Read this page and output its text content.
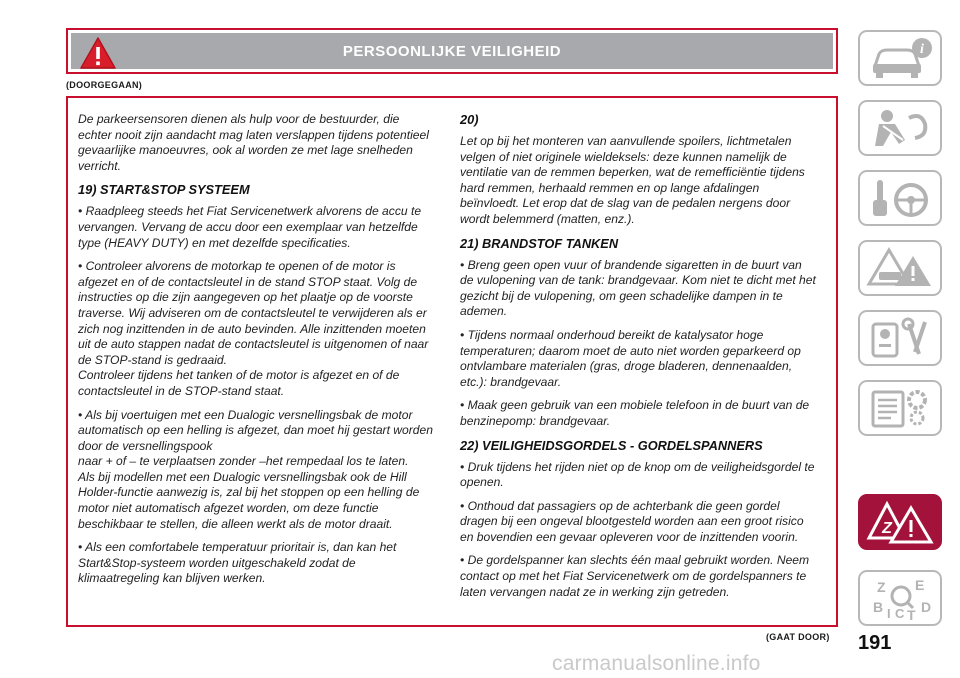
PERSOONLIJKE VEILIGHEID
(DOORGEGAAN)

De parkeersensoren dienen als hulp voor de bestuurder, die echter nooit zijn aandacht mag laten verslappen tijdens potentieel gevaarlijke manoeuvres, ook al worden ze met lage snelheden verricht.

19) START&STOP SYSTEEM

• Raadpleeg steeds het Fiat Servicenetwerk alvorens de accu te vervangen. Vervang de accu door een exemplaar van hetzelfde type (HEAVY DUTY) en met dezelfde specificaties.

• Controleer alvorens de motorkap te openen of de motor is afgezet en of de contactsleutel in de stand STOP staat. Volg de instructies op die zijn aangegeven op het plaatje op de voorste traverse. Wij adviseren om de contactsleutel te verwijderen als er zich nog inzittenden in de auto bevinden. Alle inzittenden moeten uit de auto stappen nadat de contactsleutel is uitgenomen of naar de STOP-stand is gedraaid.
Controleer tijdens het tanken of de motor is afgezet en of de contactsleutel in de STOP-stand staat.

• Als bij voertuigen met een Dualogic versnellingsbak de motor automatisch op een helling is afgezet, dan moet hij gestart worden door de versnellingspook
naar + of – te verplaatsen zonder –het rempedaal los te laten.
Als bij modellen met een Dualogic versnellingsbak ook de Hill Holder-functie aanwezig is, zal bij het stoppen op een helling de motor niet automatisch afgezet worden, om deze functie beschikbaar te stellen, die alleen werkt als de motor draait.

• Als een comfortabele temperatuur prioritair is, dan kan het Start&Stop-systeem worden uitgeschakeld zodat de klimaatregeling kan blijven werken.

20)

Let op bij het monteren van aanvullende spoilers, lichtmetalen velgen of niet originele wieldeksels: deze kunnen namelijk de ventilatie van de remmen beperken, wat de remefficiëntie tijdens hard remmen, herhaald remmen en op lange afdalingen beïnvloedt. Let erop dat de slag van de pedalen nergens door wordt belemmerd (matten, enz.).

21) BRANDSTOF TANKEN

• Breng geen open vuur of brandende sigaretten in de buurt van de vulopening van de tank: brandgevaar. Kom niet te dicht met het gezicht bij de vulopening, om geen schadelijke dampen in te ademen.

• Tijdens normaal onderhoud bereikt de katalysator hoge temperaturen; daarom moet de auto niet worden geparkeerd op ontvlambare materialen (gras, droge bladeren, dennenaalden, etc.): brandgevaar.

• Maak geen gebruik van een mobiele telefoon in de buurt van de benzinepomp: brandgevaar.

22) VEILIGHEIDSGORDELS - GORDELSPANNERS

• Druk tijdens het rijden niet op de knop om de veiligheidsgordel te openen.

• Onthoud dat passagiers op de achterbank die geen gordel dragen bij een ongeval blootgesteld worden aan een groot risico en bovendien een gevaar opleveren voor de inzittenden voorin.

• De gordelspanner kan slechts één maal gebruikt worden. Neem contact op met het Fiat Servicenetwerk om de gordelspanners te laten vervangen nadat ze in werking zijn getreden.

(GAAT DOOR) 191
carmanualsonline.info
i
Z
Z E
B I C T D
